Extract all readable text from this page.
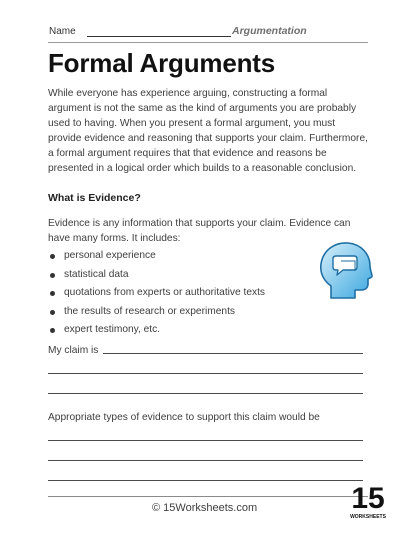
Name	Argumentation
Formal Arguments

While everyone has experience arguing, constructing a formal argument is not the same as the kind of arguments you are probably used to having. When you present a formal argument, you must provide evidence and reasoning that supports your claim. Furthermore, a formal argument requires that that evidence and reasons be presented in a logical order which builds to a reasonable conclusion.

What is Evidence?

Evidence is any information that supports your claim. Evidence can have many forms. It includes:

personal experience
statistical data
quotations from experts or authoritative texts
the results of research or experiments
expert testimony, etc.
My claim is
Appropriate types of evidence to support this claim would be
© 15Worksheets.com	15
WORKSHEETS
